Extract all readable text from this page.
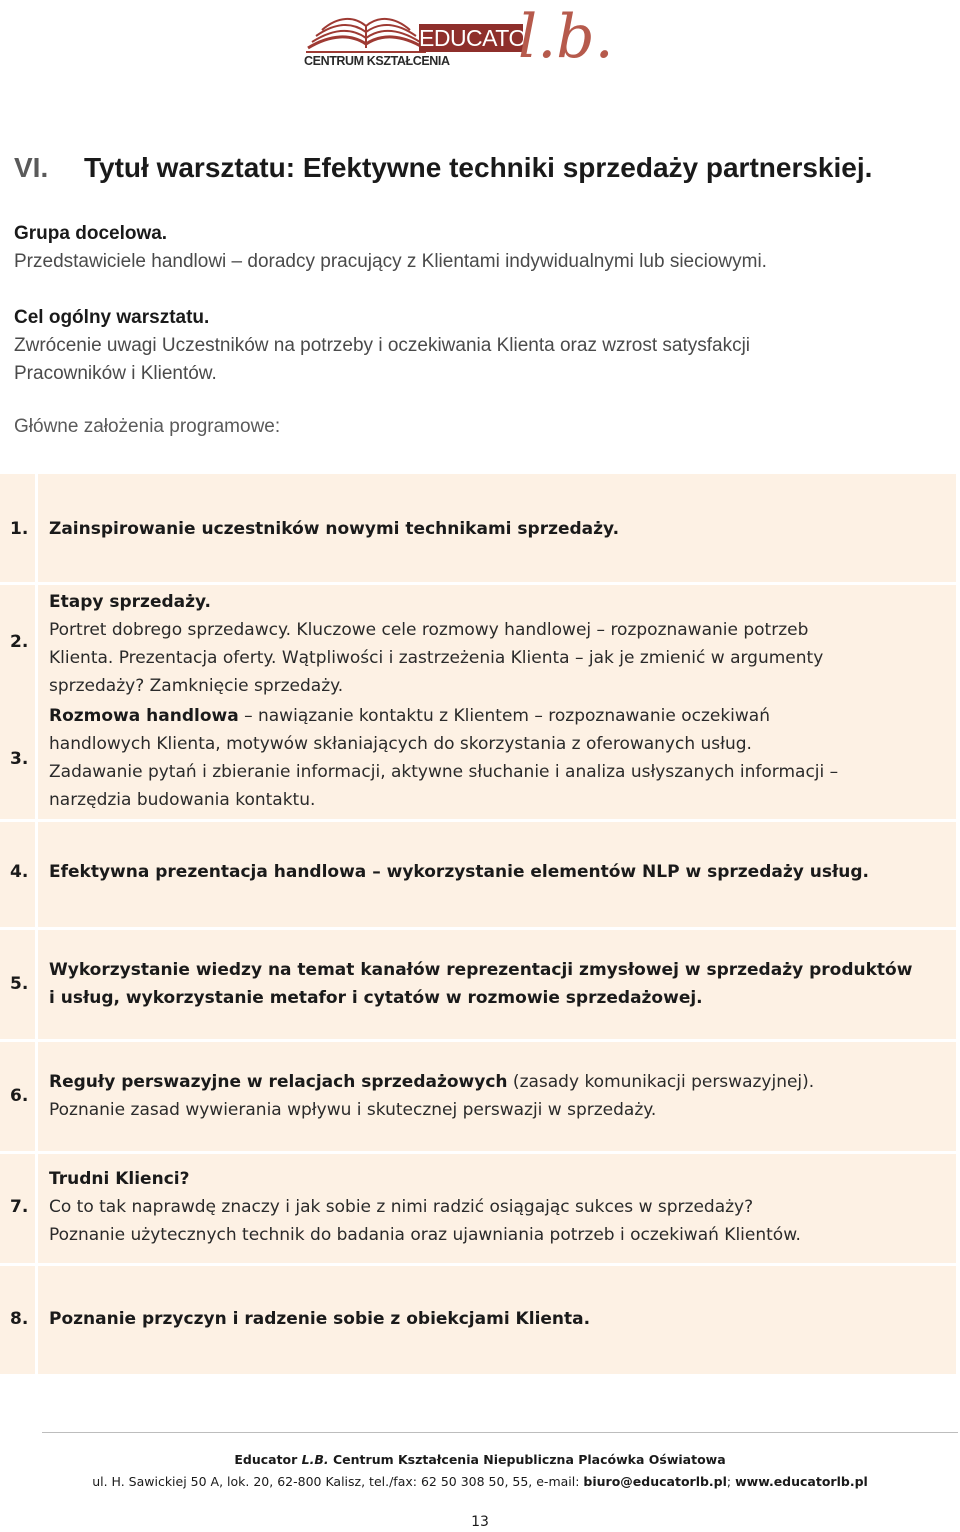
EDUCATOR
CENTRUM KSZTAŁCENIA l.b.
VI. Tytuł warsztatu: Efektywne techniki sprzedaży partnerskiej.
Grupa docelowa.
Przedstawiciele handlowi – doradcy pracujący z Klientami indywidualnymi lub sieciowymi.
Cel ogólny warsztatu.
Zwrócenie uwagi Uczestników na potrzeby i oczekiwania Klienta oraz wzrost satysfakcji
Pracowników i Klientów.
Główne założenia programowe:
1. Zainspirowanie uczestników nowymi technikami sprzedaży.
2.
Etapy sprzedaży.
Portret dobrego sprzedawcy. Kluczowe cele rozmowy handlowej – rozpoznawanie potrzeb
Klienta. Prezentacja oferty. Wątpliwości i zastrzeżenia Klienta – jak je zmienić w argumenty
sprzedaży? Zamknięcie sprzedaży.
3.
Rozmowa handlowa – nawiązanie kontaktu z Klientem – rozpoznawanie oczekiwań
handlowych Klienta, motywów skłaniających do skorzystania z oferowanych usług.
Zadawanie pytań i zbieranie informacji, aktywne słuchanie i analiza usłyszanych informacji –
narzędzia budowania kontaktu.
4. Efektywna prezentacja handlowa – wykorzystanie elementów NLP w sprzedaży usług.
5.
Wykorzystanie wiedzy na temat kanałów reprezentacji zmysłowej w sprzedaży produktów
i usług, wykorzystanie metafor i cytatów w rozmowie sprzedażowej.
6.
Reguły perswazyjne w relacjach sprzedażowych (zasady komunikacji perswazyjnej).
Poznanie zasad wywierania wpływu i skutecznej perswazji w sprzedaży.
7.
Trudni Klienci?
Co to tak naprawdę znaczy i jak sobie z nimi radzić osiągając sukces w sprzedaży?
Poznanie użytecznych technik do badania oraz ujawniania potrzeb i oczekiwań Klientów.
8. Poznanie przyczyn i radzenie sobie z obiekcjami Klienta.
Educator L.B. Centrum Kształcenia Niepubliczna Placówka Oświatowa
ul. H. Sawickiej 50 A, lok. 20, 62-800 Kalisz, tel./fax: 62 50 308 50, 55, e-mail: biuro@educatorlb.pl; www.educatorlb.pl
13
